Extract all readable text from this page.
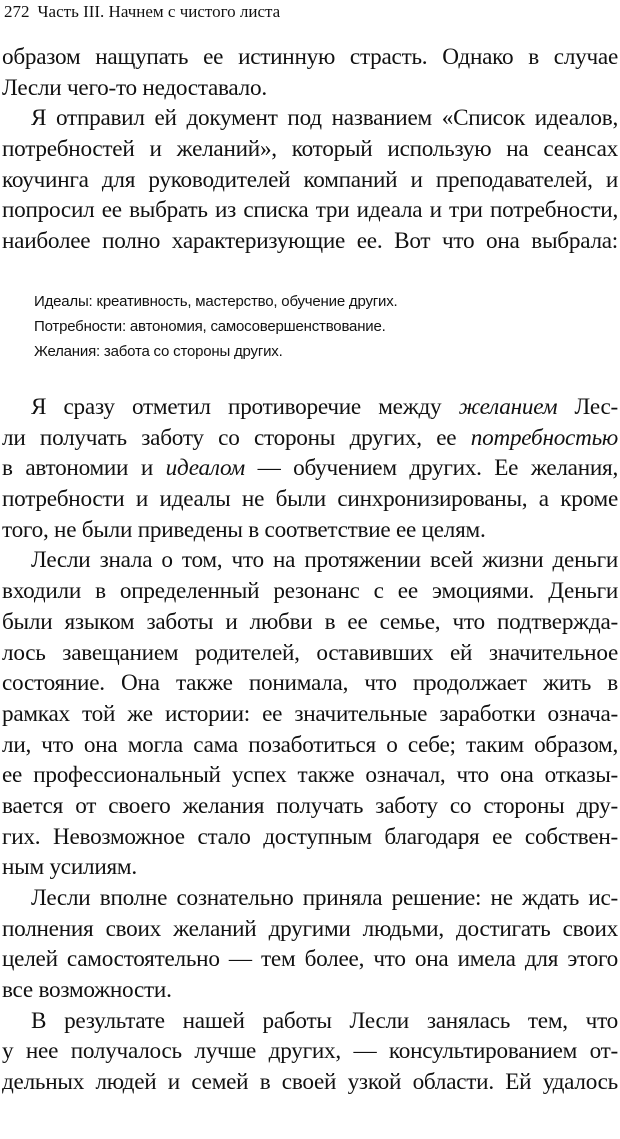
272 Часть III. Начнем с чистого листа
образом нащупать ее истинную страсть. Однако в случае
Лесли чего-то недоставало.
Я отправил ей документ под названием «Список идеалов,
потребностей и желаний», который использую на сеансах
коучинга для руководителей компаний и преподавателей, и
попросил ее выбрать из списка три идеала и три потребности,
наиболее полно характеризующие ее. Вот что она выбрала:
Идеалы: креативность, мастерство, обучение других.
Потребности: автономия, самосовершенствование.
Желания: забота со стороны других.
Я сразу отметил противоречие между желанием Лес-
ли получать заботу со стороны других, ее потребностью
в автономии и идеалом — обучением других. Ее желания,
потребности и идеалы не были синхронизированы, а кроме
того, не были приведены в соответствие ее целям.
Лесли знала о том, что на протяжении всей жизни деньги
входили в определенный резонанс с ее эмоциями. Деньги
были языком заботы и любви в ее семье, что подтвержда-
лось завещанием родителей, оставивших ей значительное
состояние. Она также понимала, что продолжает жить в
рамках той же истории: ее значительные заработки означа-
ли, что она могла сама позаботиться о себе; таким образом,
ее профессиональный успех также означал, что она отказы-
вается от своего желания получать заботу со стороны дру-
гих. Невозможное стало доступным благодаря ее собствен-
ным усилиям.
Лесли вполне сознательно приняла решение: не ждать ис-
полнения своих желаний другими людьми, достигать своих
целей самостоятельно — тем более, что она имела для этого
все возможности.
В результате нашей работы Лесли занялась тем, что
у нее получалось лучше других, — консультированием от-
дельных людей и семей в своей узкой области. Ей удалось
